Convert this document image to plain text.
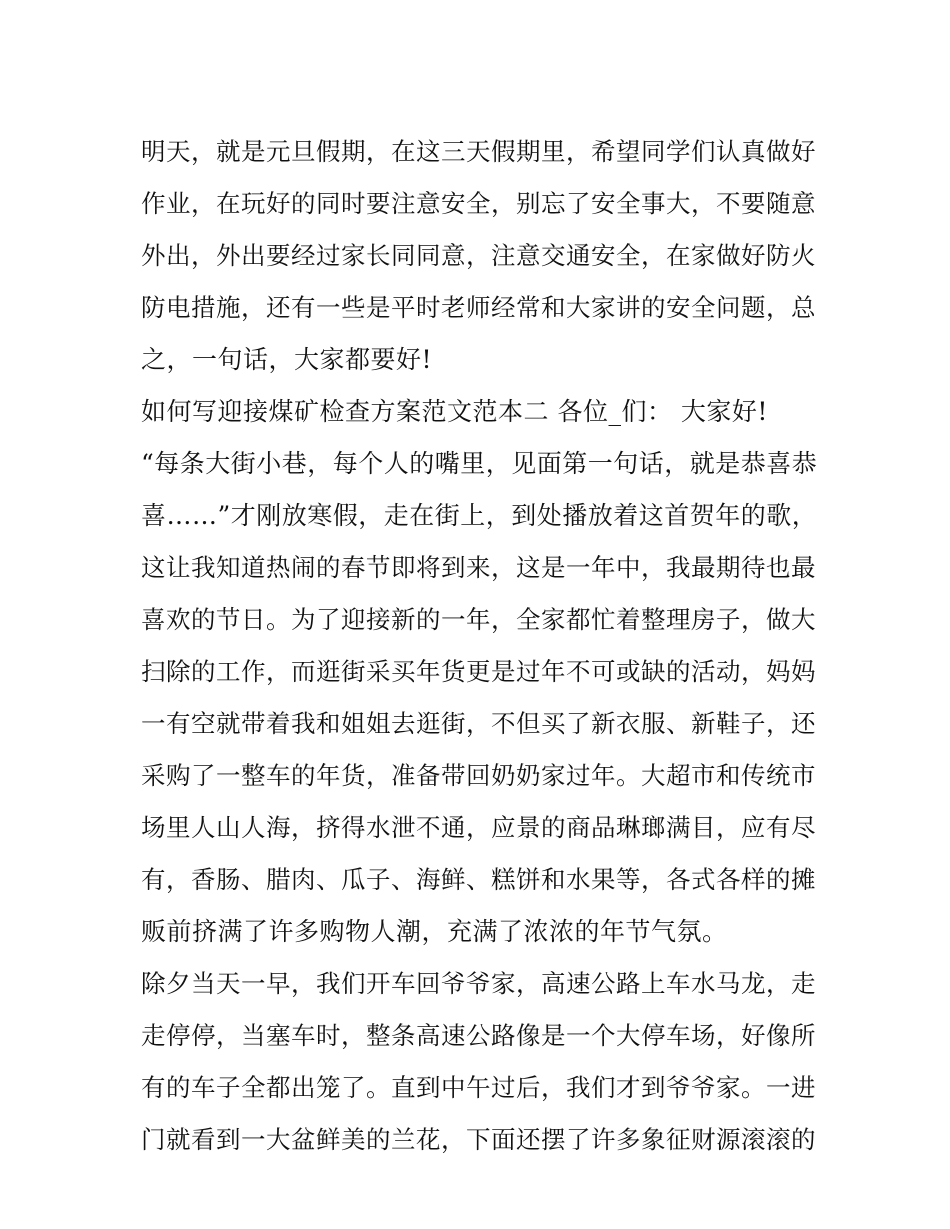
明天，就是元旦假期，在这三天假期里，希望同学们认真做好
作业，在玩好的同时要注意安全，别忘了安全事大，不要随意
外出，外出要经过家长同同意，注意交通安全，在家做好防火
防电措施，还有一些是平时老师经常和大家讲的安全问题，总
之，一句话，大家都要好!
如何写迎接煤矿检查方案范文范本二 各位_们： 大家好!
“每条大街小巷，每个人的嘴里，见面第一句话，就是恭喜恭
喜……”才刚放寒假，走在街上，到处播放着这首贺年的歌，
这让我知道热闹的春节即将到来，这是一年中，我最期待也最
喜欢的节日。为了迎接新的一年，全家都忙着整理房子，做大
扫除的工作，而逛街采买年货更是过年不可或缺的活动，妈妈
一有空就带着我和姐姐去逛街，不但买了新衣服、新鞋子，还
采购了一整车的年货，准备带回奶奶家过年。大超市和传统市
场里人山人海，挤得水泄不通，应景的商品琳瑯满目，应有尽
有，香肠、腊肉、瓜子、海鲜、糕饼和水果等，各式各样的摊
贩前挤满了许多购物人潮，充满了浓浓的年节气氛。
除夕当天一早，我们开车回爷爷家，高速公路上车水马龙，走
走停停，当塞车时，整条高速公路像是一个大停车场，好像所
有的车子全都出笼了。直到中午过后，我们才到爷爷家。一进
门就看到一大盆鲜美的兰花，下面还摆了许多象征财源滚滚的
